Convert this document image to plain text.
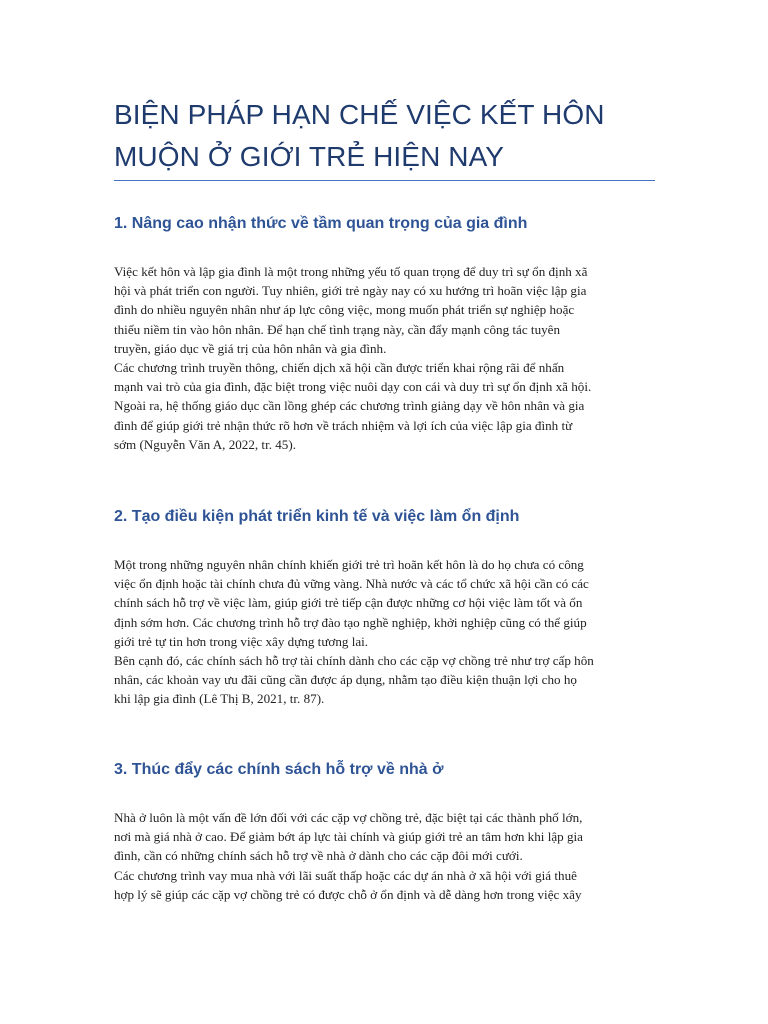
BIỆN PHÁP HẠN CHẾ VIỆC KẾT HÔN MUỘN Ở GIỚI TRẺ HIỆN NAY
1. Nâng cao nhận thức về tầm quan trọng của gia đình

Việc kết hôn và lập gia đình là một trong những yếu tố quan trọng để duy trì sự ổn định xã
hội và phát triển con người. Tuy nhiên, giới trẻ ngày nay có xu hướng trì hoãn việc lập gia
đình do nhiều nguyên nhân như áp lực công việc, mong muốn phát triển sự nghiệp hoặc
thiếu niềm tin vào hôn nhân. Để hạn chế tình trạng này, cần đẩy mạnh công tác tuyên
truyền, giáo dục về giá trị của hôn nhân và gia đình.

Các chương trình truyền thông, chiến dịch xã hội cần được triển khai rộng rãi để nhấn
mạnh vai trò của gia đình, đặc biệt trong việc nuôi dạy con cái và duy trì sự ổn định xã hội.
Ngoài ra, hệ thống giáo dục cần lồng ghép các chương trình giảng dạy về hôn nhân và gia
đình để giúp giới trẻ nhận thức rõ hơn về trách nhiệm và lợi ích của việc lập gia đình từ
sớm (Nguyễn Văn A, 2022, tr. 45).

2. Tạo điều kiện phát triển kinh tế và việc làm ổn định

Một trong những nguyên nhân chính khiến giới trẻ trì hoãn kết hôn là do họ chưa có công
việc ổn định hoặc tài chính chưa đủ vững vàng. Nhà nước và các tổ chức xã hội cần có các
chính sách hỗ trợ về việc làm, giúp giới trẻ tiếp cận được những cơ hội việc làm tốt và ổn
định sớm hơn. Các chương trình hỗ trợ đào tạo nghề nghiệp, khởi nghiệp cũng có thể giúp
giới trẻ tự tin hơn trong việc xây dựng tương lai.

Bên cạnh đó, các chính sách hỗ trợ tài chính dành cho các cặp vợ chồng trẻ như trợ cấp hôn
nhân, các khoản vay ưu đãi cũng cần được áp dụng, nhằm tạo điều kiện thuận lợi cho họ
khi lập gia đình (Lê Thị B, 2021, tr. 87).

3. Thúc đẩy các chính sách hỗ trợ về nhà ở

Nhà ở luôn là một vấn đề lớn đối với các cặp vợ chồng trẻ, đặc biệt tại các thành phố lớn,
nơi mà giá nhà ở cao. Để giảm bớt áp lực tài chính và giúp giới trẻ an tâm hơn khi lập gia
đình, cần có những chính sách hỗ trợ về nhà ở dành cho các cặp đôi mới cưới.

Các chương trình vay mua nhà với lãi suất thấp hoặc các dự án nhà ở xã hội với giá thuê
hợp lý sẽ giúp các cặp vợ chồng trẻ có được chỗ ở ổn định và dễ dàng hơn trong việc xây
